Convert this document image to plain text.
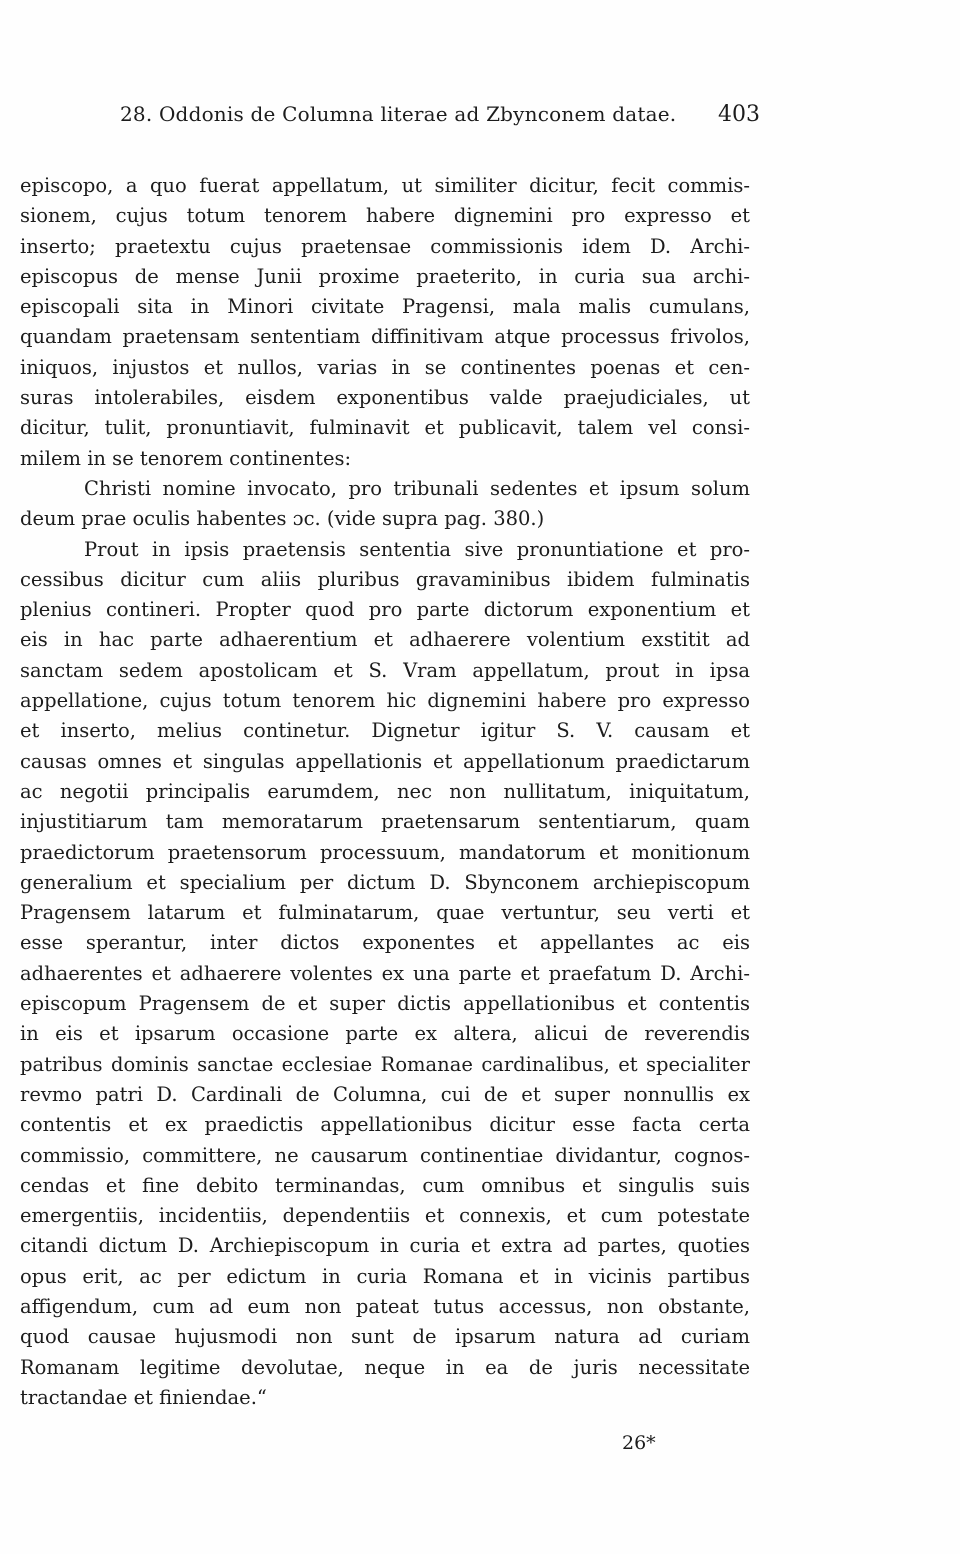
28. Oddonis de Columna literae ad Zbynconem datae.	403
episcopo, a quo fuerat appellatum, ut similiter dicitur, fecit commis-
sionem, cujus totum tenorem habere dignemini pro expresso et
inserto; praetextu cujus praetensae commissionis idem D. Archi-
episcopus de mense Junii proxime praeterito, in curia sua archi-
episcopali sita in Minori civitate Pragensi, mala malis cumulans,
quandam praetensam sententiam diffinitivam atque processus frivolos,
iniquos, injustos et nullos, varias in se continentes poenas et cen-
suras intolerabiles, eisdem exponentibus valde praejudiciales, ut
dicitur, tulit, pronuntiavit, fulminavit et publicavit, talem vel consi-
milem in se tenorem continentes:
Christi nomine invocato, pro tribunali sedentes et ipsum solum
deum prae oculis habentes ɔc. (vide supra pag. 380.)
Prout in ipsis praetensis sententia sive pronuntiatione et pro-
cessibus dicitur cum aliis pluribus gravaminibus ibidem fulminatis
plenius contineri. Propter quod pro parte dictorum exponentium et
eis in hac parte adhaerentium et adhaerere volentium exstitit ad
sanctam sedem apostolicam et S. Vram appellatum, prout in ipsa
appellatione, cujus totum tenorem hic dignemini habere pro expresso
et inserto, melius continetur. Dignetur igitur S. V. causam et
causas omnes et singulas appellationis et appellationum praedictarum
ac negotii principalis earumdem, nec non nullitatum, iniquitatum,
injustitiarum tam memoratarum praetensarum sententiarum, quam
praedictorum praetensorum processuum, mandatorum et monitionum
generalium et specialium per dictum D. Sbynconem archiepiscopum
Pragensem latarum et fulminatarum, quae vertuntur, seu verti et
esse sperantur, inter dictos exponentes et appellantes ac eis
adhaerentes et adhaerere volentes ex una parte et praefatum D. Archi-
episcopum Pragensem de et super dictis appellationibus et contentis
in eis et ipsarum occasione parte ex altera, alicui de reverendis
patribus dominis sanctae ecclesiae Romanae cardinalibus, et specialiter
revmo patri D. Cardinali de Columna, cui de et super nonnullis ex
contentis et ex praedictis appellationibus dicitur esse facta certa
commissio, committere, ne causarum continentiae dividantur, cognos-
cendas et fine debito terminandas, cum omnibus et singulis suis
emergentiis, incidentiis, dependentiis et connexis, et cum potestate
citandi dictum D. Archiepiscopum in curia et extra ad partes, quoties
opus erit, ac per edictum in curia Romana et in vicinis partibus
affigendum, cum ad eum non pateat tutus accessus, non obstante,
quod causae hujusmodi non sunt de ipsarum natura ad curiam
Romanam legitime devolutae, neque in ea de juris necessitate
tractandae et finiendae.“
26*
